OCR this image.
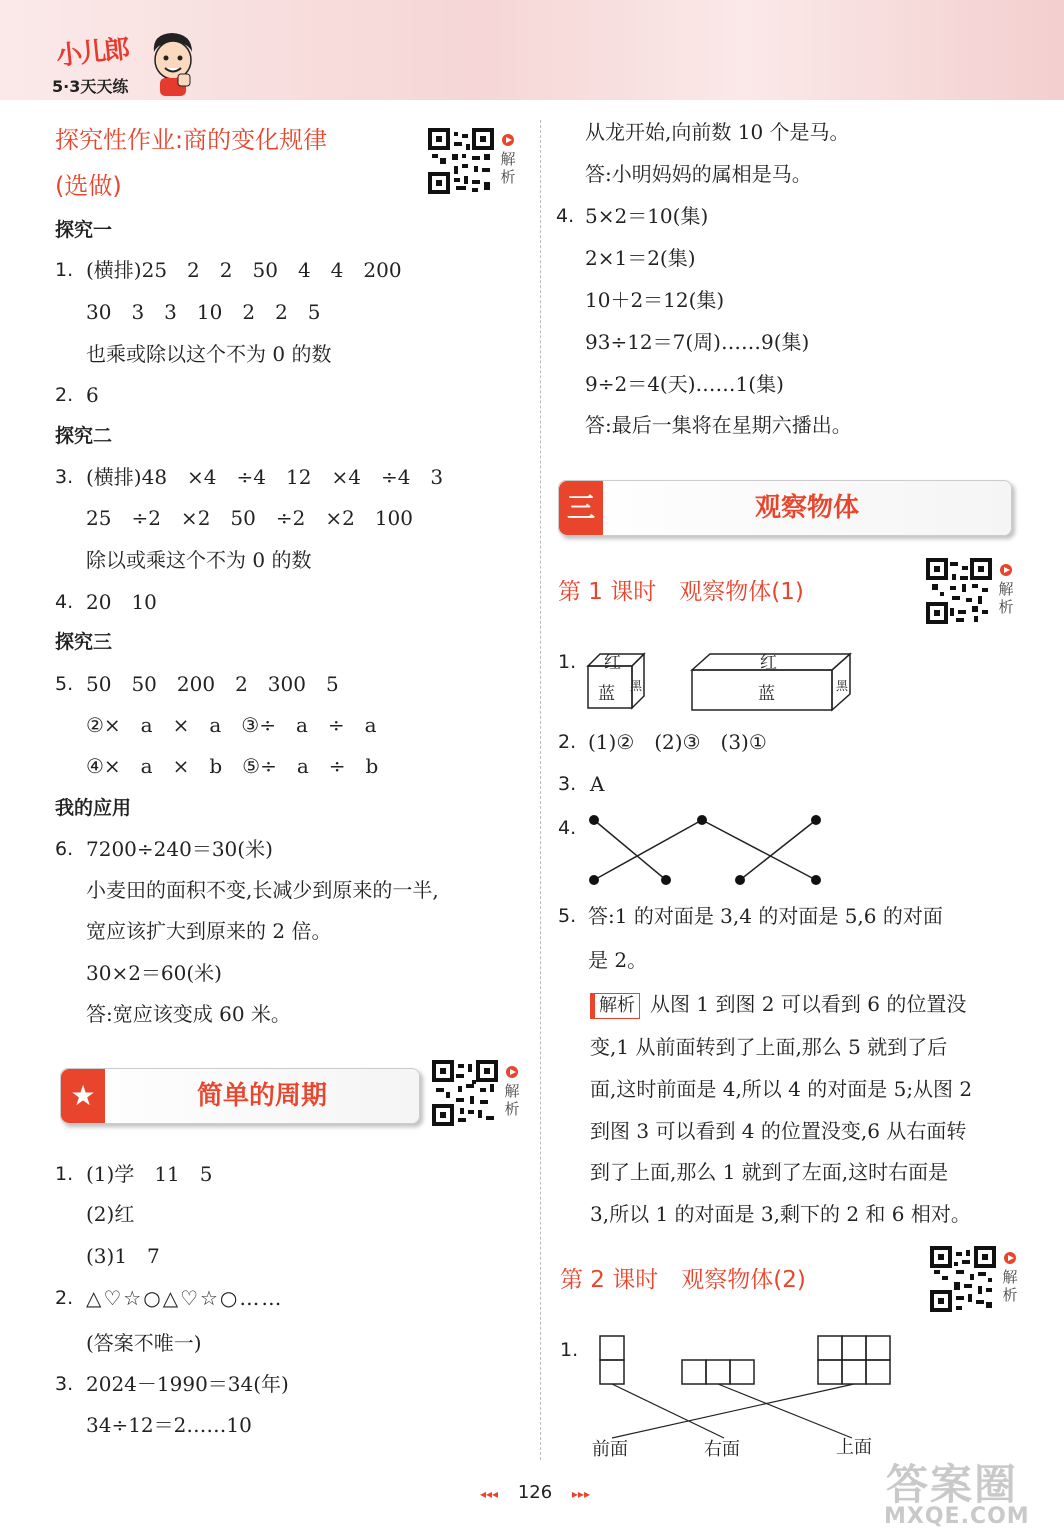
小儿郎
5·3天天练
探究性作业:商的变化规律
(选做)
解析
探究一
1. (横排)25　2　2　50　4　4　200
30　3　3　10　2　2　5
也乘或除以这个不为 0 的数
2. 6
探究二
3. (横排)48　×4　÷4　12　×4　÷4　3
25　÷2　×2　50　÷2　×2　100
除以或乘这个不为 0 的数
4. 20　10
探究三
5. 50　50　200　2　300　5
②×　a　×　a　③÷　a　÷　a
④×　a　×　b　⑤÷　a　÷　b
我的应用
6. 7200÷240＝30(米)
小麦田的面积不变,长减少到原来的一半,
宽应该扩大到原来的 2 倍。
30×2＝60(米)
答:宽应该变成 60 米。
★	简单的周期	解析
1. (1)学　11　5
(2)红
(3)1　7
2. △♡☆○△♡☆○……
(答案不唯一)
3. 2024－1990＝34(年)
34÷12＝2……10
从龙开始,向前数 10 个是马。
答:小明妈妈的属相是马。
4. 5×2＝10(集)
2×1＝2(集)
10＋2＝12(集)
93÷12＝7(周)……9(集)
9÷2＝4(天)……1(集)
答:最后一集将在星期六播出。
三	观察物体
第 1 课时　观察物体(1)	解析
1. 红
蓝 黑
红
蓝	黑
2. (1)②　(2)③　(3)①
3. A
4.
5. 答:1 的对面是 3,4 的对面是 5,6 的对面
是 2。
解析 从图 1 到图 2 可以看到 6 的位置没
变,1 从前面转到了上面,那么 5 就到了后
面,这时前面是 4,所以 4 的对面是 5;从图 2
到图 3 可以看到 4 的位置没变,6 从右面转
到了上面,那么 1 就到了左面,这时右面是
3,所以 1 的对面是 3,剩下的 2 和 6 相对。
第 2 课时　观察物体(2)	解析
1.
前面	右面	上面
◂◂◂ 126 ▸▸▸	答案圈
MXQE.COM
